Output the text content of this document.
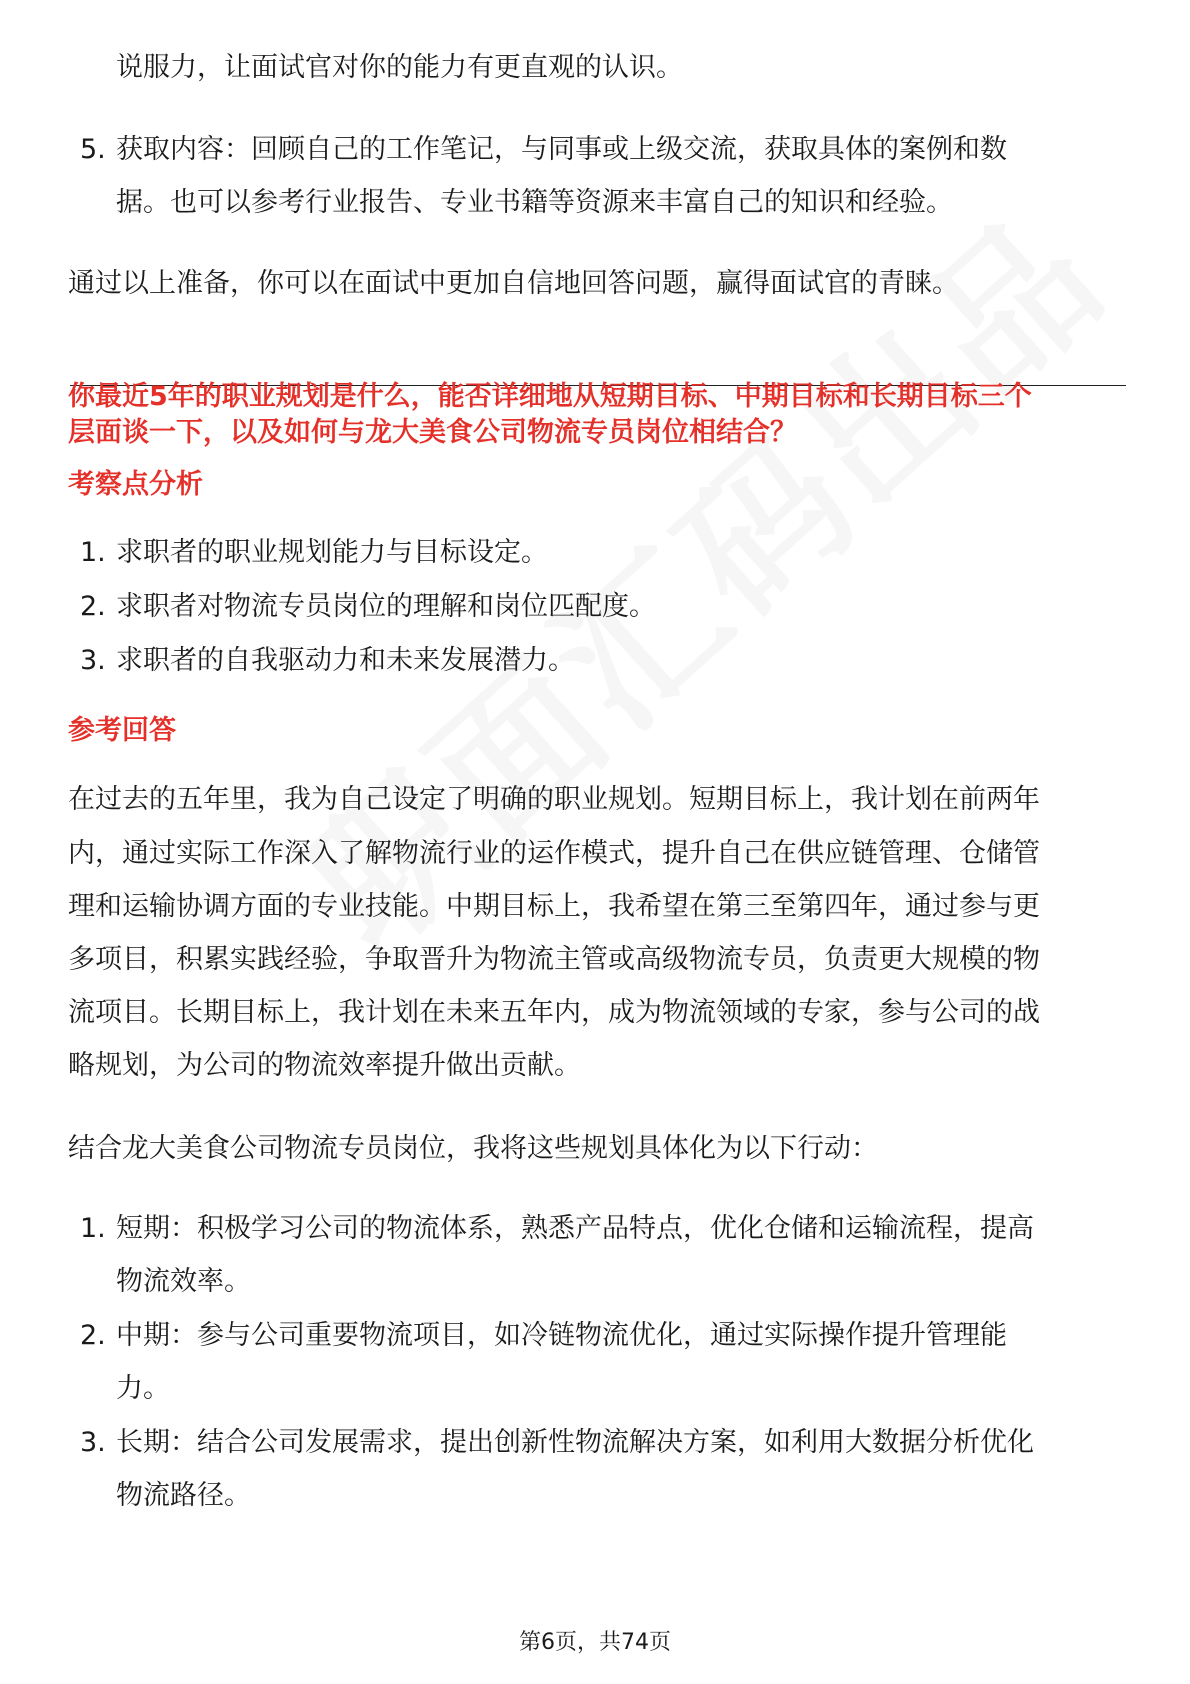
说服力，让面试官对你的能力有更直观的认识。
5. 获取内容：回顾自己的工作笔记，与同事或上级交流，获取具体的案例和数
据。也可以参考行业报告、专业书籍等资源来丰富自己的知识和经验。
通过以上准备，你可以在面试中更加自信地回答问题，赢得面试官的青睐。
你最近5年的职业规划是什么，能否详细地从短期目标、中期目标和长期目标三个
层面谈一下，以及如何与龙大美食公司物流专员岗位相结合？
考察点分析
1. 求职者的职业规划能力与目标设定。
2. 求职者对物流专员岗位的理解和岗位匹配度。
3. 求职者的自我驱动力和未来发展潜力。
参考回答
在过去的五年里，我为自己设定了明确的职业规划。短期目标上，我计划在前两年
内，通过实际工作深入了解物流行业的运作模式，提升自己在供应链管理、仓储管
理和运输协调方面的专业技能。中期目标上，我希望在第三至第四年，通过参与更
多项目，积累实践经验，争取晋升为物流主管或高级物流专员，负责更大规模的物
流项目。长期目标上，我计划在未来五年内，成为物流领域的专家，参与公司的战
略规划，为公司的物流效率提升做出贡献。
结合龙大美食公司物流专员岗位，我将这些规划具体化为以下行动：
1. 短期：积极学习公司的物流体系，熟悉产品特点，优化仓储和运输流程，提高
物流效率。
2. 中期：参与公司重要物流项目，如冷链物流优化，通过实际操作提升管理能
力。
3. 长期：结合公司发展需求，提出创新性物流解决方案，如利用大数据分析优化
物流路径。
第6页，共74页
